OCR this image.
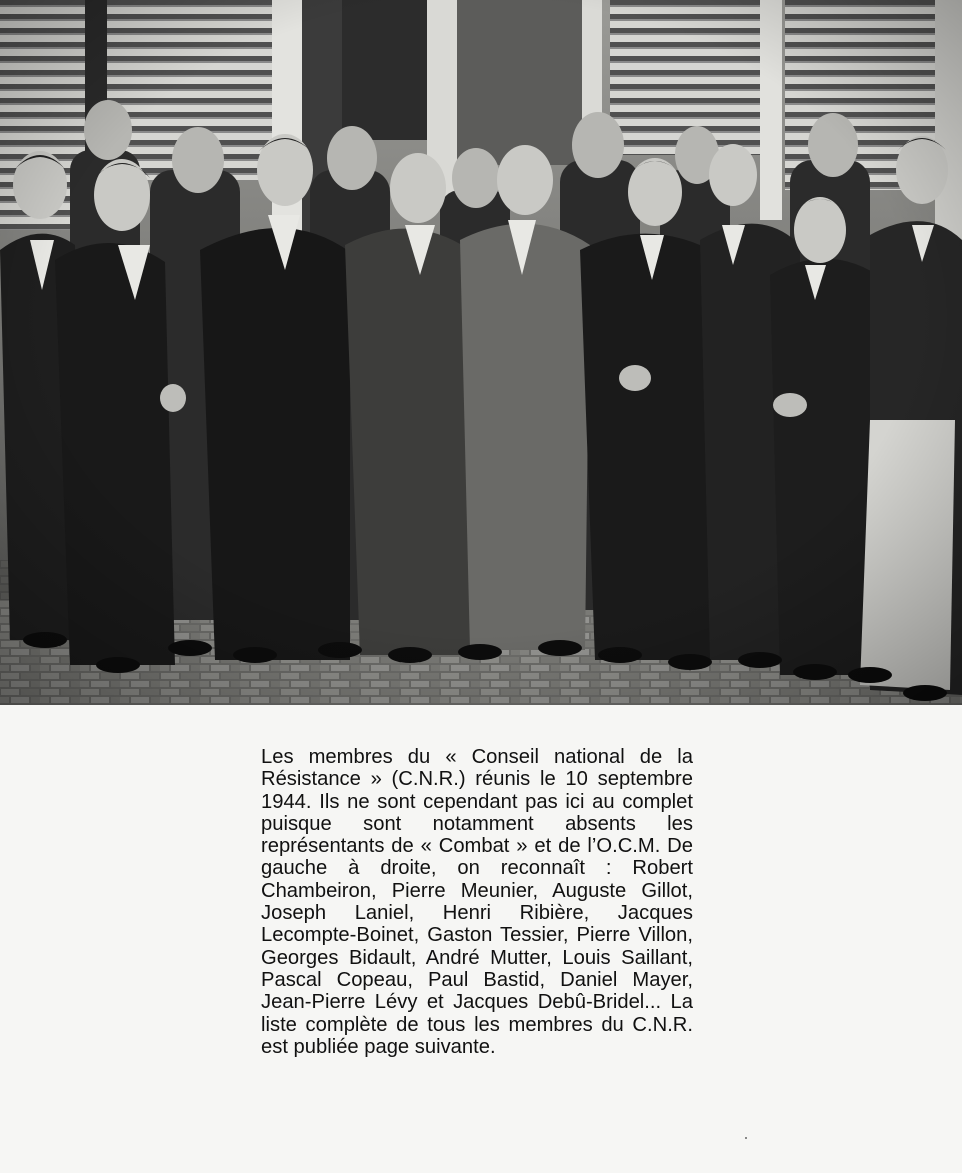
Les membres du « Conseil national de la Résistance » (C.N.R.) réunis le 10 septembre 1944. Ils ne sont cependant pas ici au complet puisque sont notamment absents les représentants de « Combat » et de l’O.C.M. De gauche à droite, on reconnaît : Robert Chambeiron, Pierre Meunier, Auguste Gillot, Joseph Laniel, Henri Ribière, Jacques Lecompte-Boinet, Gaston Tessier, Pierre Villon, Georges Bidault, André Mutter, Louis Saillant, Pascal Copeau, Paul Bastid, Daniel Mayer, Jean-Pierre Lévy et Jacques Debû-Bridel... La liste complète de tous les membres du C.N.R. est publiée page suivante.
